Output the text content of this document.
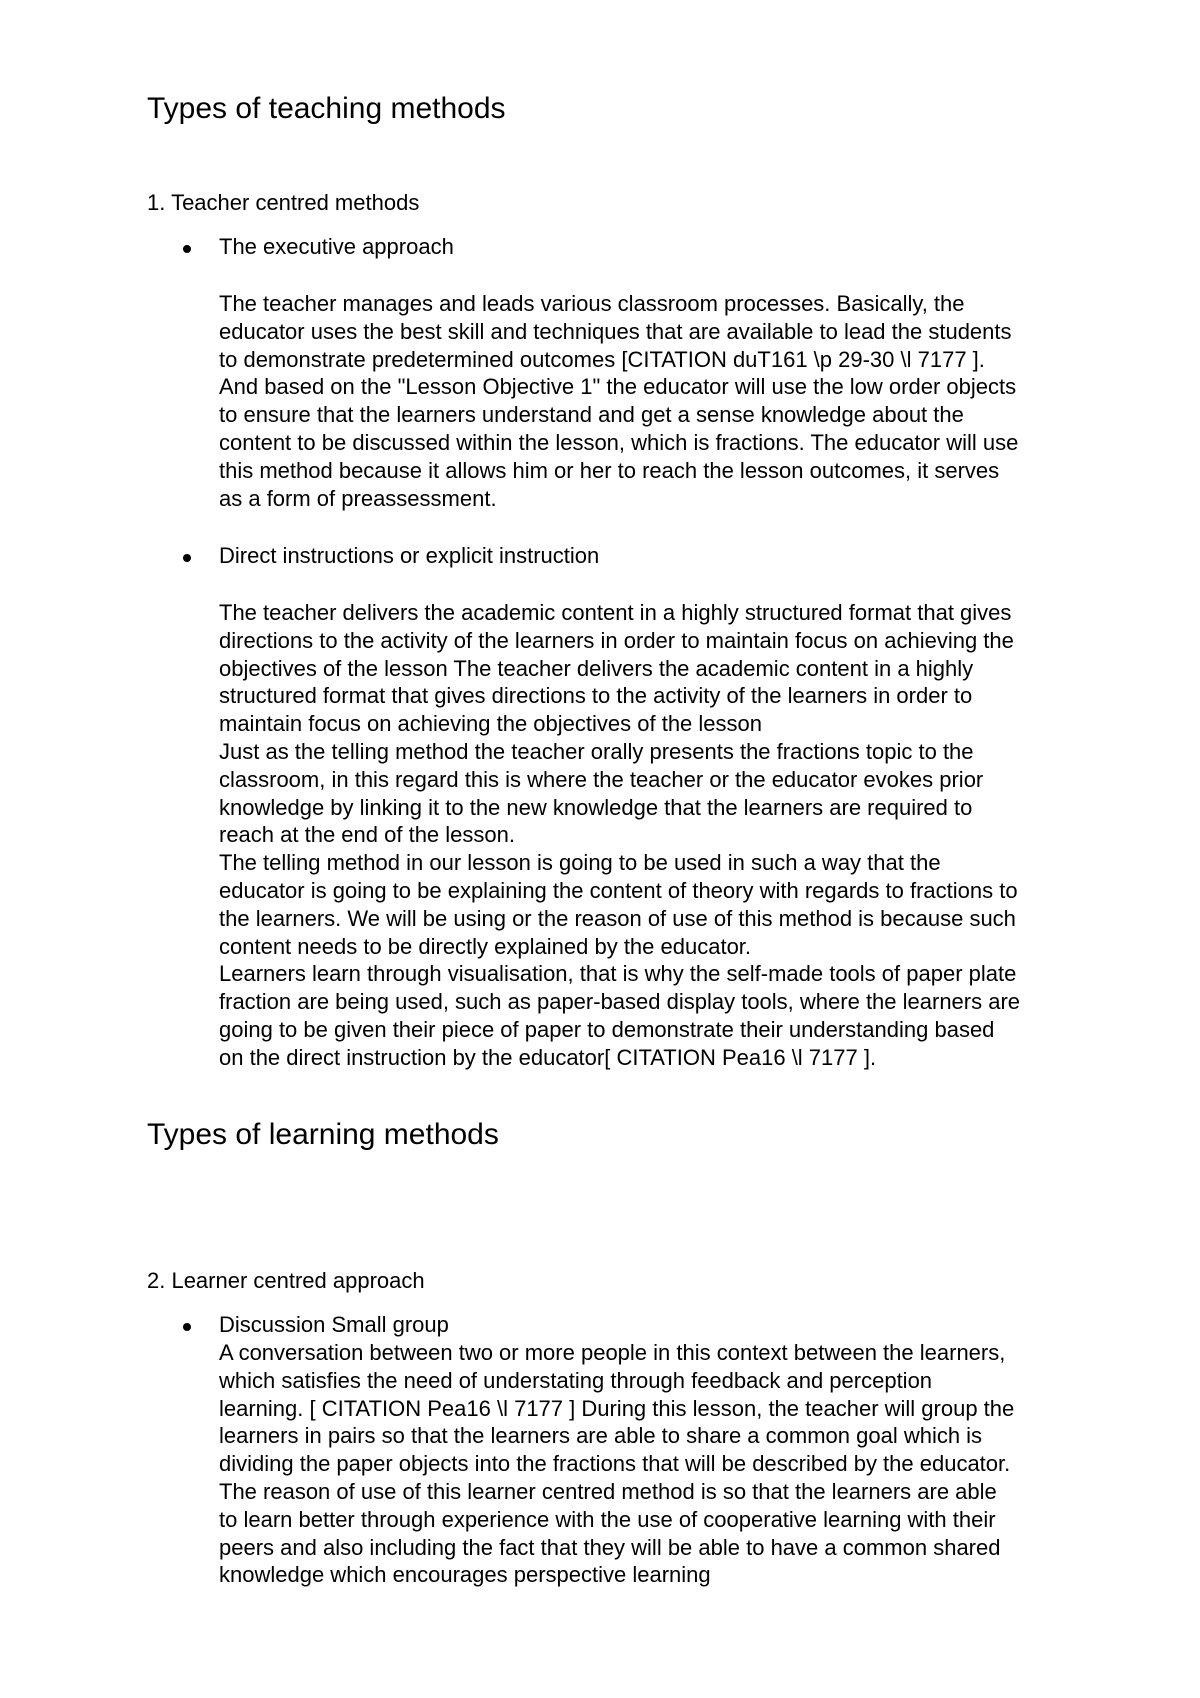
Types of teaching methods

1. Teacher centred methods

The executive approach

The teacher manages and leads various classroom processes. Basically, the
educator uses the best skill and techniques that are available to lead the students
to demonstrate predetermined outcomes [CITATION duT161 \p 29-30 \l 7177 ].
And based on the "Lesson Objective 1" the educator will use the low order objects
to ensure that the learners understand and get a sense knowledge about the
content to be discussed within the lesson, which is fractions. The educator will use
this method because it allows him or her to reach the lesson outcomes, it serves
as a form of preassessment.

Direct instructions or explicit instruction

The teacher delivers the academic content in a highly structured format that gives
directions to the activity of the learners in order to maintain focus on achieving the
objectives of the lesson The teacher delivers the academic content in a highly
structured format that gives directions to the activity of the learners in order to
maintain focus on achieving the objectives of the lesson
Just as the telling method the teacher orally presents the fractions topic to the
classroom, in this regard this is where the teacher or the educator evokes prior
knowledge by linking it to the new knowledge that the learners are required to
reach at the end of the lesson.
The telling method in our lesson is going to be used in such a way that the
educator is going to be explaining the content of theory with regards to fractions to
the learners. We will be using or the reason of use of this method is because such
content needs to be directly explained by the educator.
Learners learn through visualisation, that is why the self-made tools of paper plate
fraction are being used, such as paper-based display tools, where the learners are
going to be given their piece of paper to demonstrate their understanding based
on the direct instruction by the educator[ CITATION Pea16 \l 7177 ].
Types of learning methods

2. Learner centred approach

Discussion Small group

A conversation between two or more people in this context between the learners,
which satisfies the need of understating through feedback and perception
learning. [ CITATION Pea16 \l 7177 ] During this lesson, the teacher will group the
learners in pairs so that the learners are able to share a common goal which is
dividing the paper objects into the fractions that will be described by the educator.
The reason of use of this learner centred method is so that the learners are able
to learn better through experience with the use of cooperative learning with their
peers and also including the fact that they will be able to have a common shared
knowledge which encourages perspective learning
